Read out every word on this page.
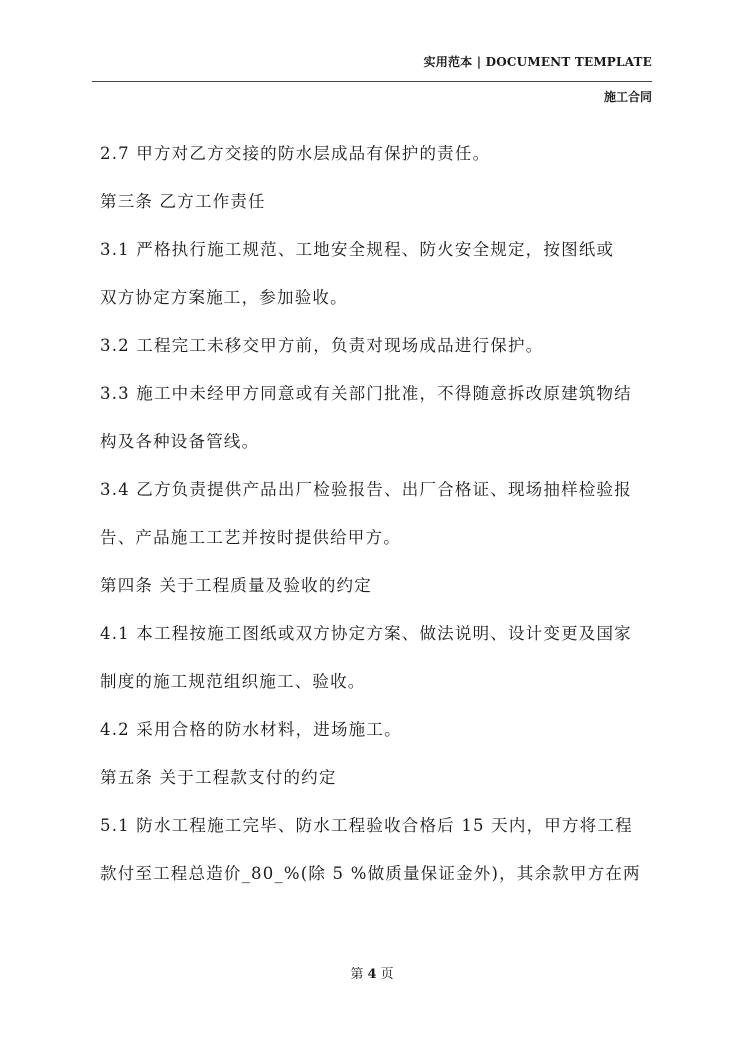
实用范本 | DOCUMENT TEMPLATE
施工合同
2.7 甲方对乙方交接的防水层成品有保护的责任。
第三条 乙方工作责任
3.1 严格执行施工规范、工地安全规程、防火安全规定，按图纸或
双方协定方案施工，参加验收。
3.2 工程完工未移交甲方前，负责对现场成品进行保护。
3.3 施工中未经甲方同意或有关部门批准，不得随意拆改原建筑物结
构及各种设备管线。
3.4 乙方负责提供产品出厂检验报告、出厂合格证、现场抽样检验报
告、产品施工工艺并按时提供给甲方。
第四条 关于工程质量及验收的约定
4.1 本工程按施工图纸或双方协定方案、做法说明、设计变更及国家
制度的施工规范组织施工、验收。
4.2 采用合格的防水材料，进场施工。
第五条 关于工程款支付的约定
5.1 防水工程施工完毕、防水工程验收合格后 15 天内，甲方将工程
款付至工程总造价_80_%(除 5 %做质量保证金外)，其余款甲方在两
第 4 页
